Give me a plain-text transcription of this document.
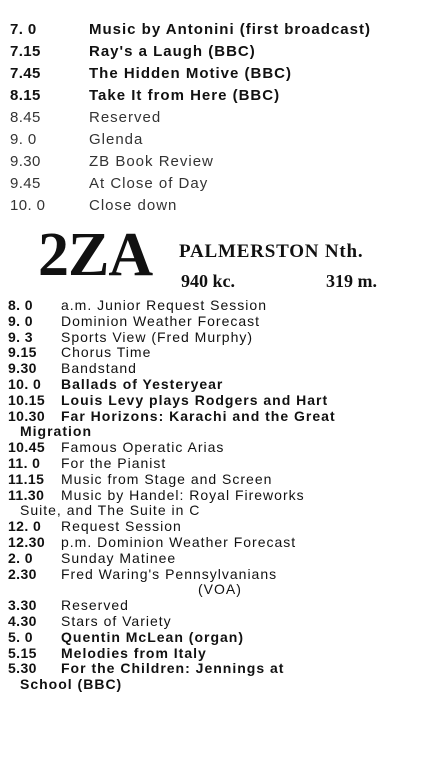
7. 0	Music by Antonini (first broadcast)
7.15	Ray's a Laugh (BBC)
7.45	The Hidden Motive (BBC)
8.15	Take It from Here (BBC)
8.45	Reserved
9. 0	Glenda
9.30	ZB Book Review
9.45	At Close of Day
10. 0	Close down
2ZA PALMERSTON Nth.
940 kc.	319 m.
8. 0	a.m. Junior Request Session
9. 0	Dominion Weather Forecast
9. 3	Sports View (Fred Murphy)
9.15	Chorus Time
9.30	Bandstand
10. 0	Ballads of Yesteryear
10.15	Louis Levy plays Rodgers and Hart
10.30	Far Horizons: Karachi and the Great
Migration
10.45	Famous Operatic Arias
11. 0	For the Pianist
11.15	Music from Stage and Screen
11.30	Music by Handel: Royal Fireworks
Suite, and The Suite in C
12. 0	Request Session
12.30	p.m. Dominion Weather Forecast
2. 0	Sunday Matinee
2.30	Fred Waring's Pennsylvanians
(VOA)
3.30	Reserved
4.30	Stars of Variety
5. 0	Quentin McLean (organ)
5.15	Melodies from Italy
5.30	For the Children: Jennings at
School (BBC)
